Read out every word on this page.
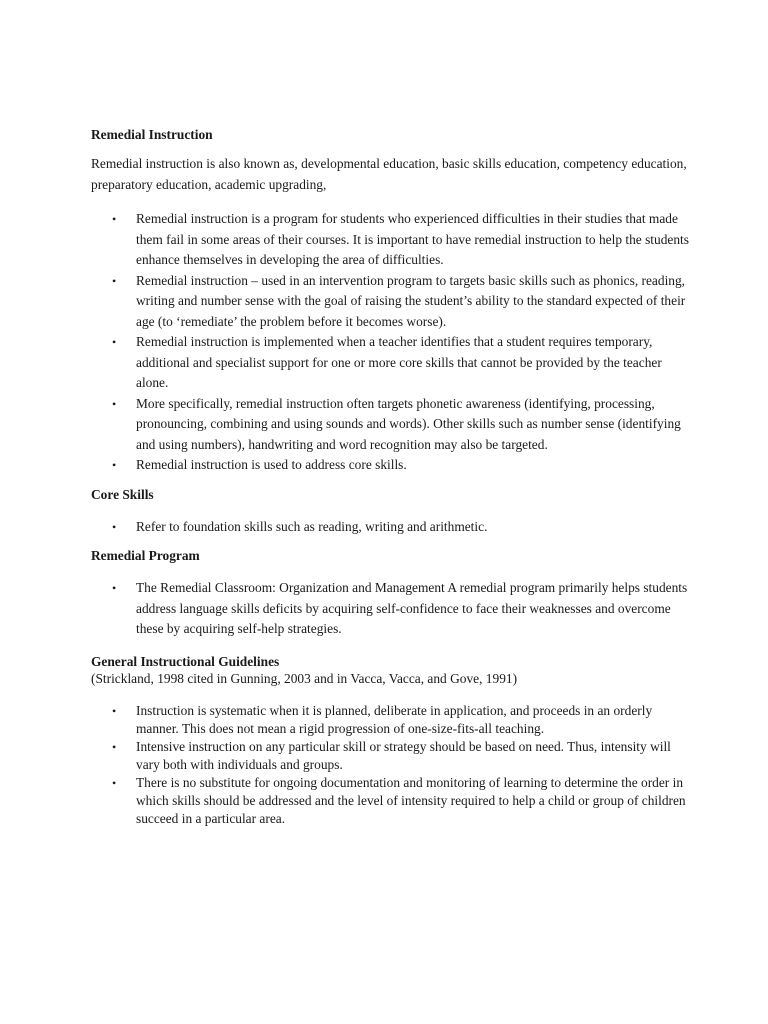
Remedial Instruction

Remedial instruction is also known as, developmental education, basic skills education, competency education, preparatory education, academic upgrading,

• Remedial instruction is a program for students who experienced difficulties in their studies that made them fail in some areas of their courses. It is important to have remedial instruction to help the students enhance themselves in developing the area of difficulties.
• Remedial instruction – used in an intervention program to targets basic skills such as phonics, reading, writing and number sense with the goal of raising the student’s ability to the standard expected of their age (to ‘remediate’ the problem before it becomes worse).
• Remedial instruction is implemented when a teacher identifies that a student requires temporary, additional and specialist support for one or more core skills that cannot be provided by the teacher alone.
• More specifically, remedial instruction often targets phonetic awareness (identifying, processing, pronouncing, combining and using sounds and words). Other skills such as number sense (identifying and using numbers), handwriting and word recognition may also be targeted.
• Remedial instruction is used to address core skills.

Core Skills

• Refer to foundation skills such as reading, writing and arithmetic.

Remedial Program

• The Remedial Classroom: Organization and Management A remedial program primarily helps students address language skills deficits by acquiring self-confidence to face their weaknesses and overcome these by acquiring self-help strategies.

General Instructional Guidelines

(Strickland, 1998 cited in Gunning, 2003 and in Vacca, Vacca, and Gove, 1991)

• Instruction is systematic when it is planned, deliberate in application, and proceeds in an orderly manner. This does not mean a rigid progression of one-size-fits-all teaching.
• Intensive instruction on any particular skill or strategy should be based on need. Thus, intensity will vary both with individuals and groups.
• There is no substitute for ongoing documentation and monitoring of learning to determine the order in which skills should be addressed and the level of intensity required to help a child or group of children succeed in a particular area.
